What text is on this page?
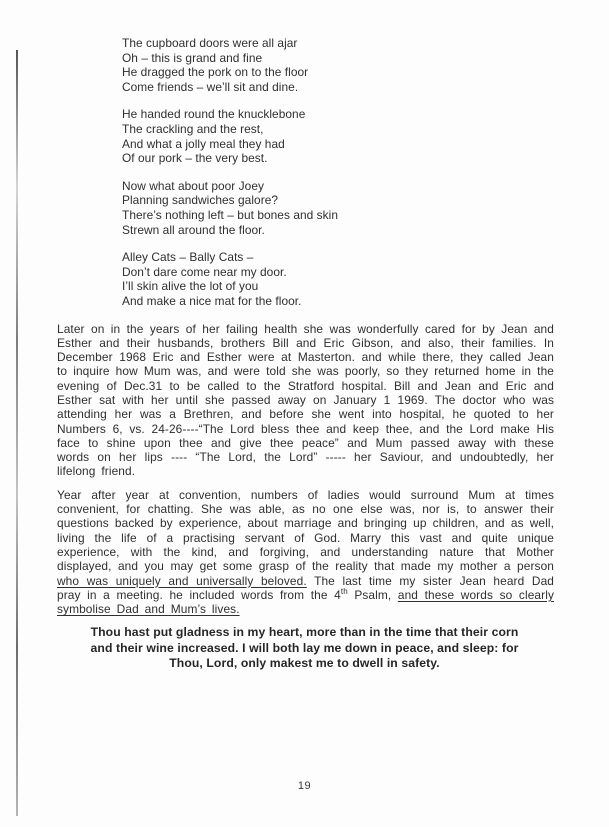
The cupboard doors were all ajar
Oh – this is grand and fine
He dragged the pork on to the floor
Come friends – we’ll sit and dine.
He handed round the knucklebone
The crackling and the rest,
And what a jolly meal they had
Of our pork – the very best.
Now what about poor Joey
Planning sandwiches galore?
There’s nothing left – but bones and skin
Strewn all around the floor.
Alley Cats – Bally Cats –
Don’t dare come near my door.
I’ll skin alive the lot of you
And make a nice mat for the floor.

Later on in the years of her failing health she was wonderfully cared for by Jean and Esther and their husbands, brothers Bill and Eric Gibson, and also, their families. In December 1968 Eric and Esther were at Masterton. and while there, they called Jean to inquire how Mum was, and were told she was poorly, so they returned home in the evening of Dec.31 to be called to the Stratford hospital. Bill and Jean and Eric and Esther sat with her until she passed away on January 1 1969. The doctor who was attending her was a Brethren, and before she went into hospital, he quoted to her Numbers 6, vs. 24-26----“The Lord bless thee and keep thee, and the Lord make His face to shine upon thee and give thee peace” and Mum passed away with these words on her lips ---- “The Lord, the Lord” ----- her Saviour, and undoubtedly, her lifelong friend.

Year after year at convention, numbers of ladies would surround Mum at times convenient, for chatting. She was able, as no one else was, nor is, to answer their questions backed by experience, about marriage and bringing up children, and as well, living the life of a practising servant of God. Marry this vast and quite unique experience, with the kind, and forgiving, and understanding nature that Mother displayed, and you may get some grasp of the reality that made my mother a person who was uniquely and universally beloved. The last time my sister Jean heard Dad pray in a meeting. he included words from the 4th Psalm, and these words so clearly symbolise Dad and Mum’s lives.

Thou hast put gladness in my heart, more than in the time that their corn
and their wine increased. I will both lay me down in peace, and sleep: for
Thou, Lord, only makest me to dwell in safety.
19
